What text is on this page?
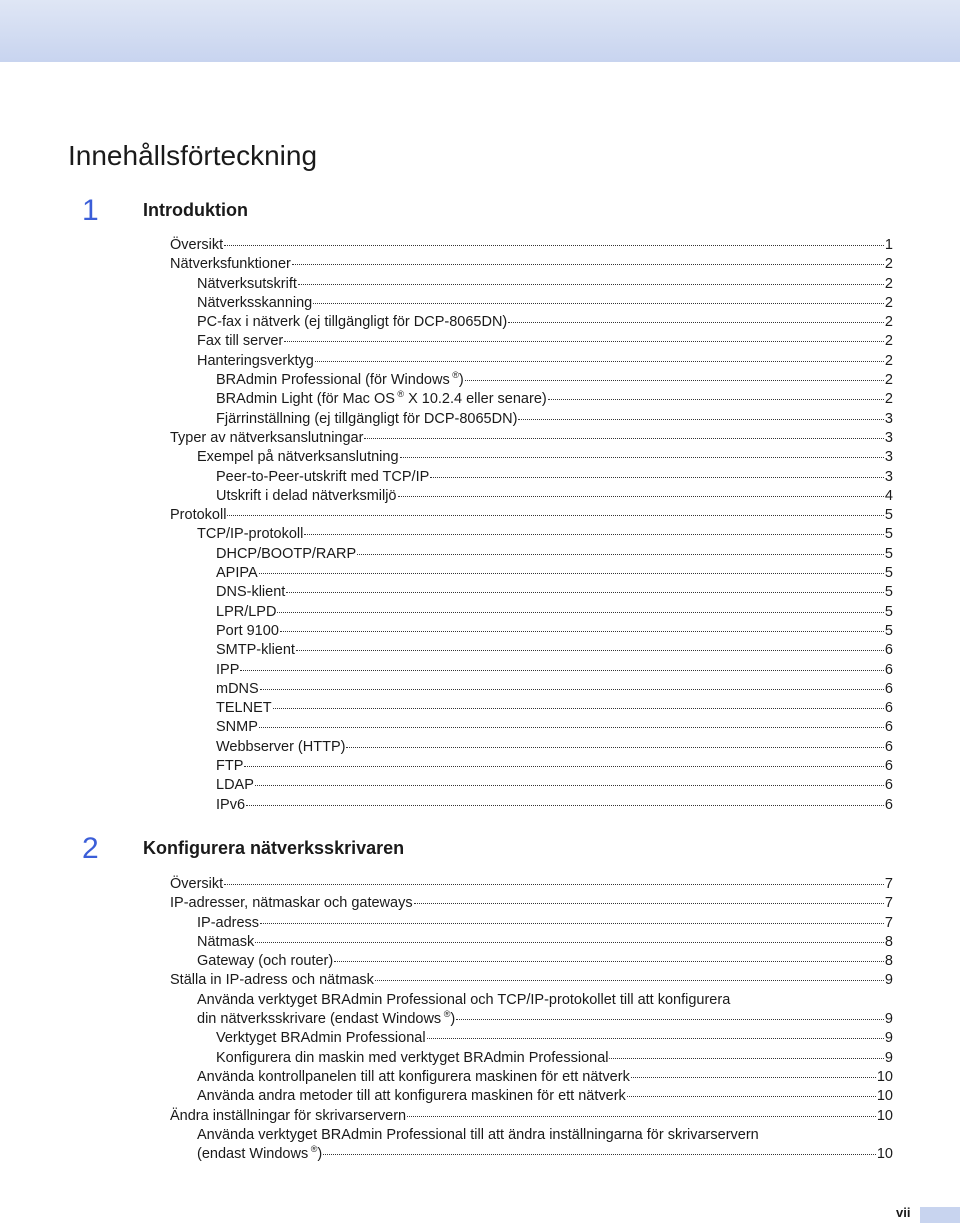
Innehållsförteckning
1 Introduktion
Översikt	1
Nätverksfunktioner	2
Nätverksutskrift	2
Nätverksskanning	2
PC-fax i nätverk (ej tillgängligt för DCP-8065DN)	2
Fax till server	2
Hanteringsverktyg	2
BRAdmin Professional (för Windows ®)	2
BRAdmin Light (för Mac OS ® X 10.2.4 eller senare)	2
Fjärrinställning (ej tillgängligt för DCP-8065DN)	3
Typer av nätverksanslutningar	3
Exempel på nätverksanslutning	3
Peer-to-Peer-utskrift med TCP/IP	3
Utskrift i delad nätverksmiljö	4
Protokoll	5
TCP/IP-protokoll	5
DHCP/BOOTP/RARP	5
APIPA	5
DNS-klient	5
LPR/LPD	5
Port 9100	5
SMTP-klient	6
IPP	6
mDNS	6
TELNET	6
SNMP	6
Webbserver (HTTP)	6
FTP	6
LDAP	6
IPv6	6
2 Konfigurera nätverksskrivaren
Översikt	7
IP-adresser, nätmaskar och gateways	7
IP-adress	7
Nätmask	8
Gateway (och router)	8
Ställa in IP-adress och nätmask	9
Använda verktyget BRAdmin Professional och TCP/IP-protokollet till att konfigurera
din nätverksskrivare (endast Windows ®)	9
Verktyget BRAdmin Professional	9
Konfigurera din maskin med verktyget BRAdmin Professional	9
Använda kontrollpanelen till att konfigurera maskinen för ett nätverk	10
Använda andra metoder till att konfigurera maskinen för ett nätverk	10
Ändra inställningar för skrivarservern	10
Använda verktyget BRAdmin Professional till att ändra inställningarna för skrivarservern
(endast Windows ®)	10
vii
